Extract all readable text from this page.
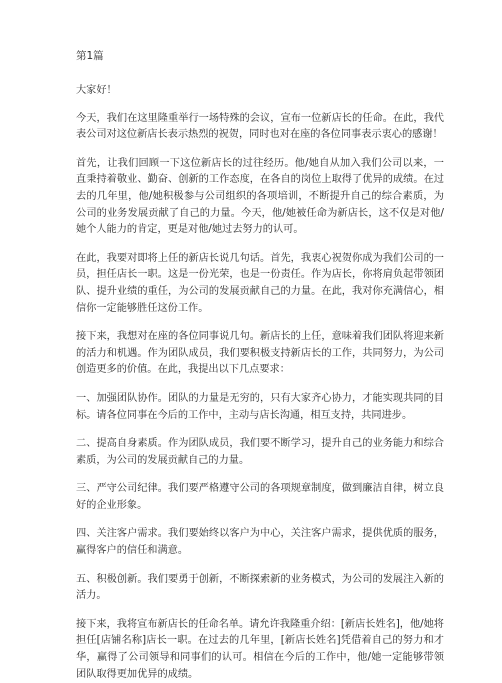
第1篇

大家好！

今天，我们在这里隆重举行一场特殊的会议，宣布一位新店长的任命。在此，我代表公司对这位新店长表示热烈的祝贺，同时也对在座的各位同事表示衷心的感谢！

首先，让我们回顾一下这位新店长的过往经历。他/她自从加入我们公司以来，一直秉持着敬业、勤奋、创新的工作态度，在各自的岗位上取得了优异的成绩。在过去的几年里，他/她积极参与公司组织的各项培训，不断提升自己的综合素质，为公司的业务发展贡献了自己的力量。今天，他/她被任命为新店长，这不仅是对他/她个人能力的肯定，更是对他/她过去努力的认可。

在此，我要对即将上任的新店长说几句话。首先，我衷心祝贺你成为我们公司的一员，担任店长一职。这是一份光荣，也是一份责任。作为店长，你将肩负起带领团队、提升业绩的重任，为公司的发展贡献自己的力量。在此，我对你充满信心，相信你一定能够胜任这份工作。

接下来，我想对在座的各位同事说几句。新店长的上任，意味着我们团队将迎来新的活力和机遇。作为团队成员，我们要积极支持新店长的工作，共同努力，为公司创造更多的价值。在此，我提出以下几点要求：

一、加强团队协作。团队的力量是无穷的，只有大家齐心协力，才能实现共同的目标。请各位同事在今后的工作中，主动与店长沟通，相互支持，共同进步。

二、提高自身素质。作为团队成员，我们要不断学习，提升自己的业务能力和综合素质，为公司的发展贡献自己的力量。

三、严守公司纪律。我们要严格遵守公司的各项规章制度，做到廉洁自律，树立良好的企业形象。

四、关注客户需求。我们要始终以客户为中心，关注客户需求，提供优质的服务，赢得客户的信任和满意。

五、积极创新。我们要勇于创新，不断探索新的业务模式，为公司的发展注入新的活力。

接下来，我将宣布新店长的任命名单。请允许我隆重介绍：[新店长姓名]，他/她将担任[店铺名称]店长一职。在过去的几年里，[新店长姓名]凭借着自己的努力和才华，赢得了公司领导和同事们的认可。相信在今后的工作中，他/她一定能够带领团队取得更加优异的成绩。
